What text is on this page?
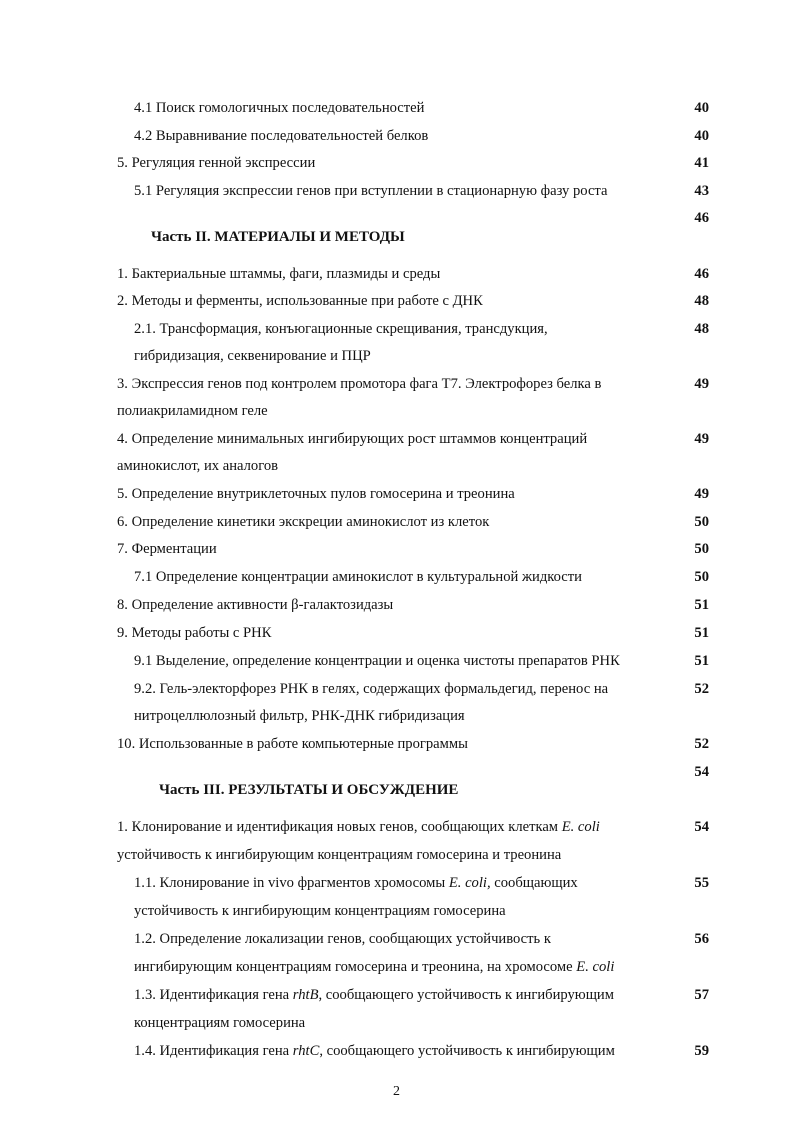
4.1 Поиск гомологичных последовательностей	40
4.2 Выравнивание последовательностей белков	40
5. Регуляция генной экспрессии	41
5.1 Регуляция экспрессии генов при вступлении в стационарную фазу роста	43
46
Часть II. МАТЕРИАЛЫ И МЕТОДЫ
1. Бактериальные штаммы, фаги, плазмиды и среды	46
2. Методы и ферменты, использованные при работе с ДНК	48
2.1. Трансформация, конъюгационные скрещивания, трансдукция,	48
гибридизация, секвенирование и ПЦР
3. Экспрессия генов под контролем промотора фага Т7. Электрофорез белка в	49
полиакриламидном геле
4. Определение минимальных ингибирующих рост штаммов концентраций	49
аминокислот, их аналогов
5. Определение внутриклеточных пулов гомосерина и треонина	49
6. Определение кинетики экскреции аминокислот из клеток	50
7. Ферментации	50
7.1 Определение концентрации аминокислот в культуральной жидкости	50
8. Определение активности β-галактозидазы	51
9. Методы работы с РНК	51
9.1 Выделение, определение концентрации и оценка чистоты препаратов РНК	51
9.2. Гель-электорфорез РНК в гелях, содержащих формальдегид, перенос на	52
нитроцеллюлозный фильтр, РНК-ДНК гибридизация
10. Использованные в работе компьютерные программы	52
54
Часть III. РЕЗУЛЬТАТЫ И ОБСУЖДЕНИЕ
1. Клонирование и идентификация новых генов, сообщающих клеткам E. coli	54
устойчивость к ингибирующим концентрациям гомосерина и треонина
1.1. Клонирование in vivo фрагментов хромосомы E. coli, сообщающих	55
устойчивость к ингибирующим концентрациям гомосерина
1.2. Определение локализации генов, сообщающих устойчивость к	56
ингибирующим концентрациям гомосерина и треонина, на хромосоме E. coli
1.3. Идентификация гена rhtB, сообщающего устойчивость к ингибирующим	57
концентрациям гомосерина
1.4. Идентификация гена rhtC, сообщающего устойчивость к ингибирующим	59
2
